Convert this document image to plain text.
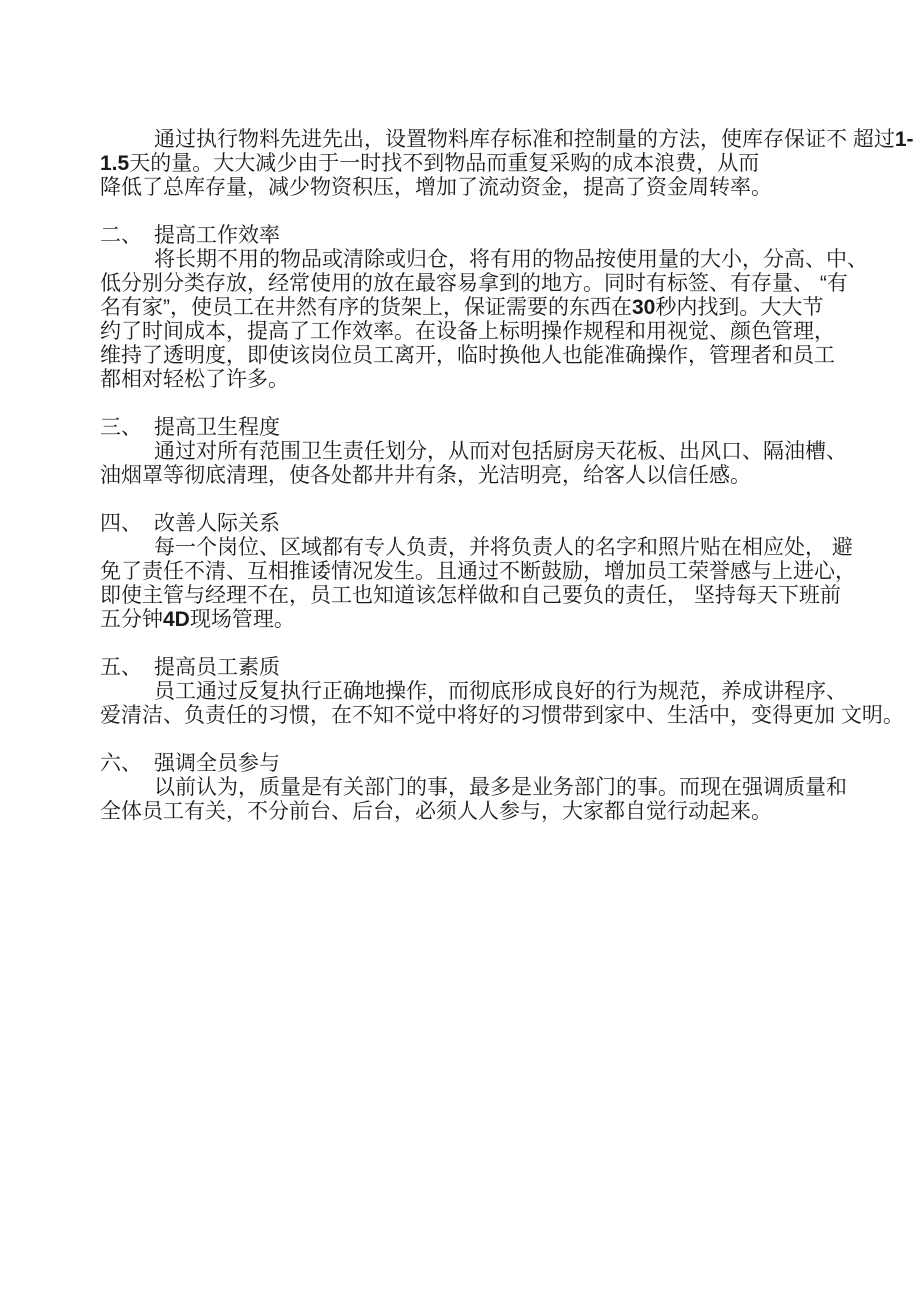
通过执行物料先进先出，设置物料库存标准和控制量的方法，使库存保证不 超过1-
1.5天的量。大大减少由于一时找不到物品而重复采购的成本浪费，从而
降低了总库存量，减少物资积压，增加了流动资金，提高了资金周转率。
二、 提高工作效率
将长期不用的物品或清除或归仓，将有用的物品按使用量的大小，分高、中、
低分别分类存放，经常使用的放在最容易拿到的地方。同时有标签、有存量、 “有
名有家”，使员工在井然有序的货架上，保证需要的东西在30秒内找到。大大节
约了时间成本，提高了工作效率。在设备上标明操作规程和用视觉、颜色管理，
维持了透明度，即使该岗位员工离开，临时换他人也能准确操作，管理者和员工
都相对轻松了许多。
三、 提高卫生程度
通过对所有范围卫生责任划分，从而对包括厨房天花板、出风口、隔油槽、
油烟罩等彻底清理，使各处都井井有条，光洁明亮，给客人以信任感。
四、 改善人际关系
每一个岗位、区域都有专人负责，并将负责人的名字和照片贴在相应处， 避
免了责任不清、互相推诿情况发生。且通过不断鼓励，增加员工荣誉感与上进心，
即使主管与经理不在，员工也知道该怎样做和自己要负的责任， 坚持每天下班前
五分钟4D现场管理。
五、 提高员工素质
员工通过反复执行正确地操作，而彻底形成良好的行为规范，养成讲程序、
爱清洁、负责任的习惯，在不知不觉中将好的习惯带到家中、生活中，变得更加 文明。
六、 强调全员参与
以前认为，质量是有关部门的事，最多是业务部门的事。而现在强调质量和
全体员工有关，不分前台、后台，必须人人参与，大家都自觉行动起来。
